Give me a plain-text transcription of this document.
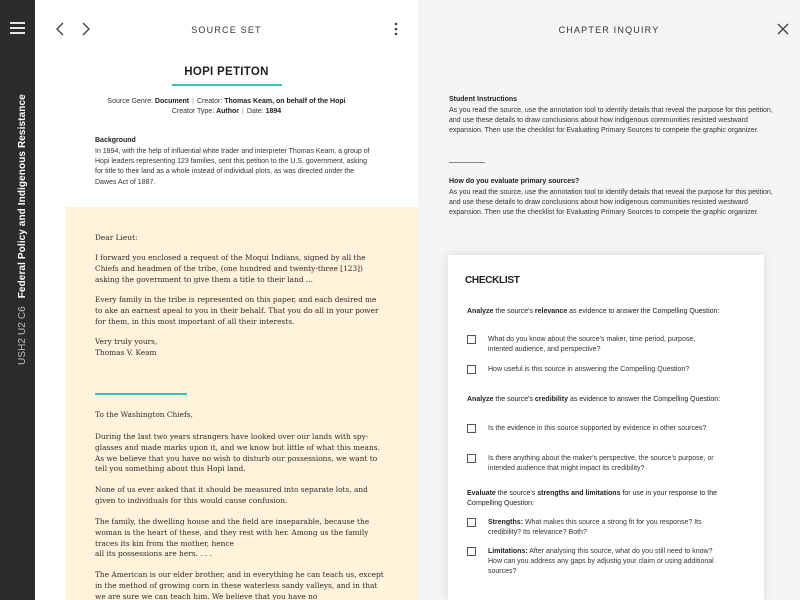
USH2 U2 C6 Federal Policy and Indigenous Resistance
SOURCE SET
HOPI PETITON
Source Genre: Document | Creator: Thomas Keam, on behalf of the Hopi
Creator Type: Author | Date: 1894
Background
In 1894, with the help of influential white trader and interpreter Thomas Keam, a group of Hopi leaders representing 123 families, sent this petition to the U.S. government, asking for title to their land as a whole instead of individual plots, as was directed under the Dawes Act of 1887.

Dear Lieut:

I forward you enclosed a request of the Moqui Indians, signed by all the Chiefs and headmen of the tribe, (one hundred and twenty-three [123]) asking the government to give them a title to their land ...

Every family in the tribe is represented on this paper, and each desired me to ake an earnest apeal to you in their behalf. That you do all in your power for them, in this most important of all their interests.

Very truly yours,

Thomas V. Keam

To the Washington Chiefs,

During the last two years strangers have looked over our lands with spy-glasses and made marks upon it, and we know but little of what this means. As we believe that you have no wish to disturb our possessions, we want to tell you something about this Hopi land.

None of us ever asked that it should be measured into separate lots, and given to individuals for this would cause confusion.

The family, the dwelling house and the field are inseparable, because the woman is the heart of these, and they rest with her. Among us the family traces its kin from the mother, hence

all its possessions are hers. . . .

The American is our elder brother, and in everything he can teach us, except in the method of growing corn in these waterless sandy valleys, and in that we are sure we can teach him. We believe that you have no

CHAPTER INQUIRY
Student Instructions
As you read the source, use the annotation tool to identify details that reveal the purpose for this petition, and use these details to draw conclusions about how indigenous communities resisted westward expansion. Then use the checklist for Evaluating Primary Sources to compete the graphic organizer.
How do you evaluate primary sources?
As you read the source, use the annotation tool to identify details that reveal the purpose for this petition, and use these details to draw conclusions about how indigenous communities resisted westward expansion. Then use the checklist for Evaluating Primary Sources to compete the graphic organizer.
CHECKLIST
Analyze the source's relevance as evidence to answer the Compelling Question:
What do you know about the source's maker, time period, purpose, intented audience, and perspective?
How useful is this source in answering the Compelling Question?
Analyze the source's credibility as evidence to answer the Compelling Question:
Is the evidence in this source supported by evidence in other sources?
Is there anything about the maker's perspective, the source's purpose, or intended audience that might impact its credibility?
Evaluate the source's strengths and limitations for use in your response to the Compelling Question:
Strengths: What makes this source a strong fit for you response? Its credibility? Its relevance? Both?
Limitations: After analysing this source, what do you still need to know? How can you address any gaps by adjustig your claim or using additional sources?
